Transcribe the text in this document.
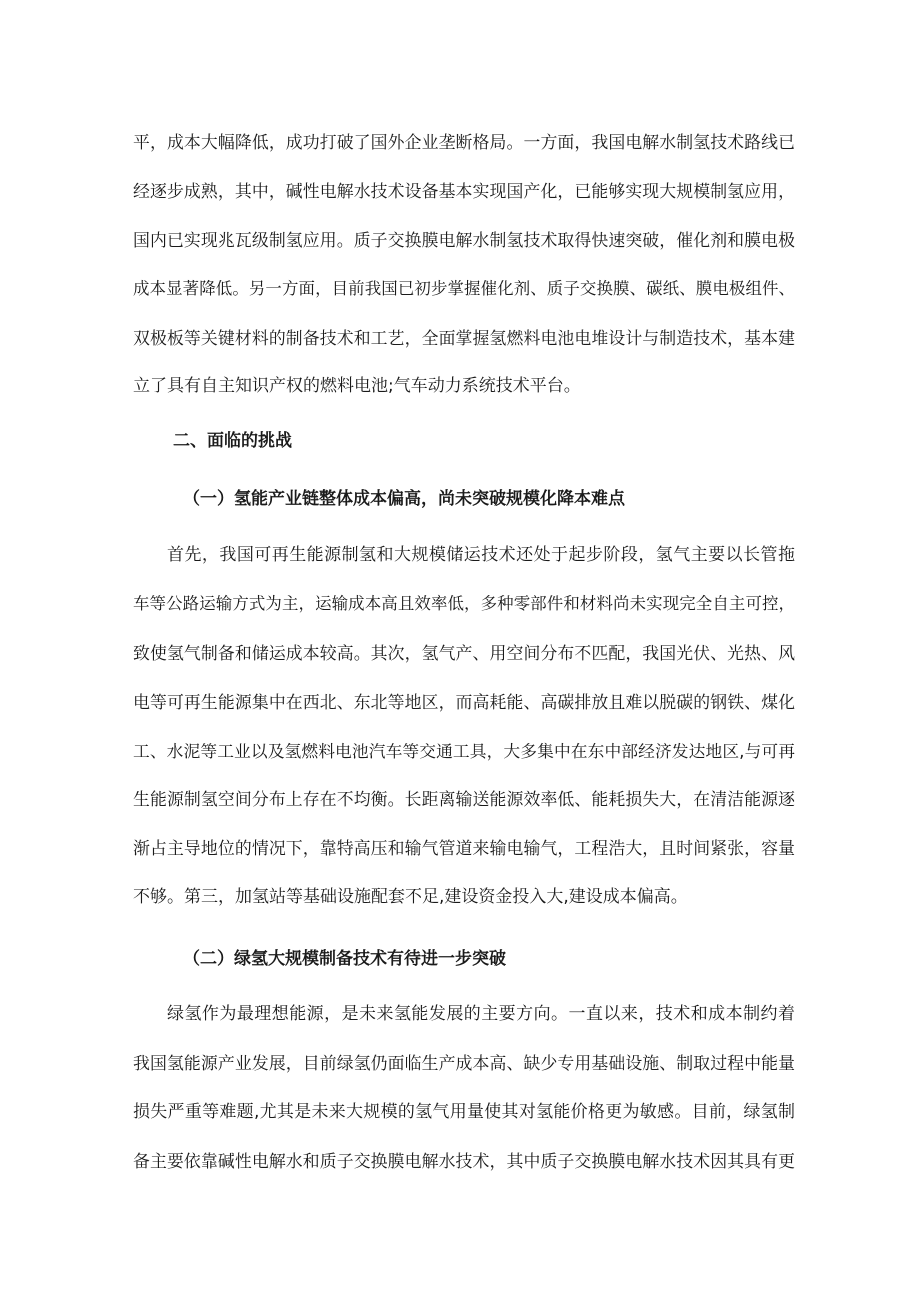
平，成本大幅降低，成功打破了国外企业垄断格局。一方面，我国电解水制氢技术路线已
经逐步成熟，其中，碱性电解水技术设备基本实现国产化，已能够实现大规模制氢应用，
国内已实现兆瓦级制氢应用。质子交换膜电解水制氢技术取得快速突破，催化剂和膜电极
成本显著降低。另一方面，目前我国已初步掌握催化剂、质子交换膜、碳纸、膜电极组件、
双极板等关键材料的制备技术和工艺，全面掌握氢燃料电池电堆设计与制造技术，基本建
立了具有自主知识产权的燃料电池;气车动力系统技术平台。
二、面临的挑战
（一）氢能产业链整体成本偏高，尚未突破规模化降本难点
首先，我国可再生能源制氢和大规模储运技术还处于起步阶段，氢气主要以长管拖
车等公路运输方式为主，运输成本高且效率低，多种零部件和材料尚未实现完全自主可控，
致使氢气制备和储运成本较高。其次，氢气产、用空间分布不匹配，我国光伏、光热、风
电等可再生能源集中在西北、东北等地区，而高耗能、高碳排放且难以脱碳的钢铁、煤化
工、水泥等工业以及氢燃料电池汽车等交通工具，大多集中在东中部经济发达地区,与可再
生能源制氢空间分布上存在不均衡。长距离输送能源效率低、能耗损失大，在清洁能源逐
渐占主导地位的情况下，靠特高压和输气管道来输电输气，工程浩大，且时间紧张，容量
不够。第三，加氢站等基础设施配套不足,建设资金投入大,建设成本偏高。
（二）绿氢大规模制备技术有待进一步突破
绿氢作为最理想能源，是未来氢能发展的主要方向。一直以来，技术和成本制约着
我国氢能源产业发展，目前绿氢仍面临生产成本高、缺少专用基础设施、制取过程中能量
损失严重等难题,尤其是未来大规模的氢气用量使其对氢能价格更为敏感。目前，绿氢制
备主要依靠碱性电解水和质子交换膜电解水技术，其中质子交换膜电解水技术因其具有更
